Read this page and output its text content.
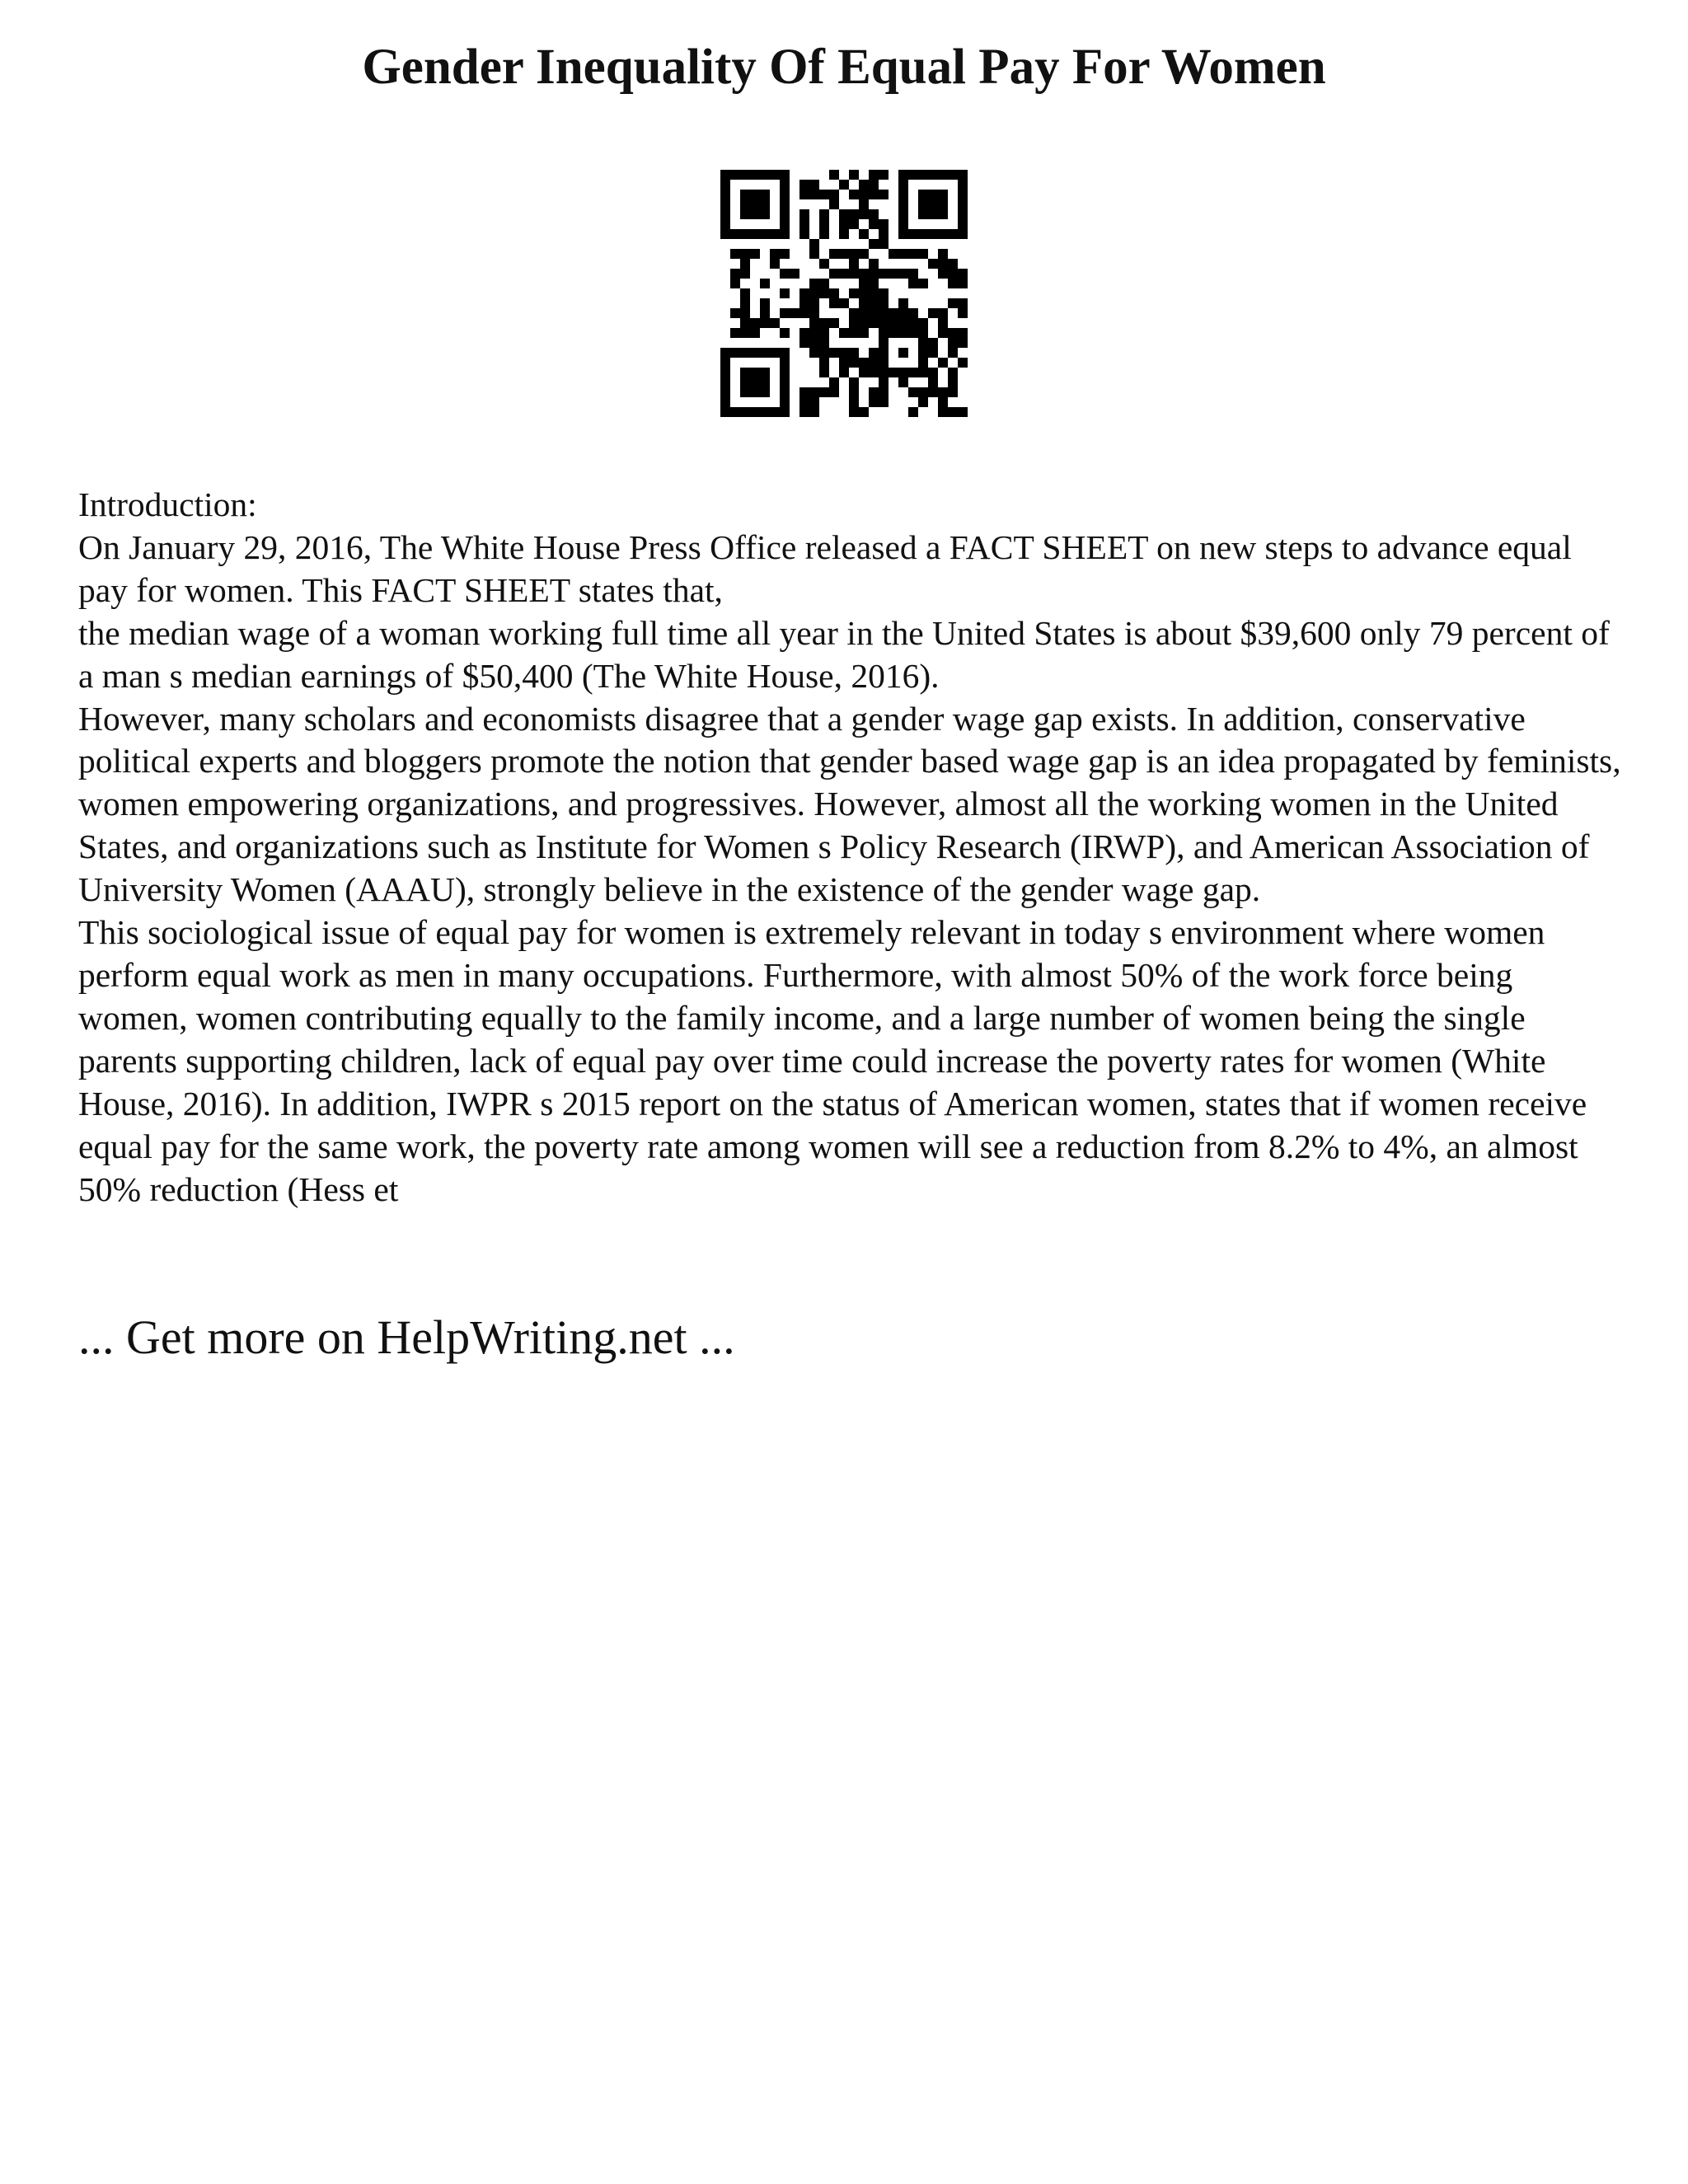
Gender Inequality Of Equal Pay For Women

Introduction:

On January 29, 2016, The White House Press Office released a FACT SHEET on new steps to advance equal pay for women. This FACT SHEET states that,

the median wage of a woman working full time all year in the United States is about $39,600 only 79 percent of a man s median earnings of $50,400 (The White House, 2016).

However, many scholars and economists disagree that a gender wage gap exists. In addition, conservative political experts and bloggers promote the notion that gender based wage gap is an idea propagated by feminists, women empowering organizations, and progressives. However, almost all the working women in the United States, and organizations such as Institute for Women s Policy Research (IRWP), and American Association of University Women (AAAU), strongly believe in the existence of the gender wage gap.

This sociological issue of equal pay for women is extremely relevant in today s environment where women perform equal work as men in many occupations. Furthermore, with almost 50% of the work force being women, women contributing equally to the family income, and a large number of women being the single parents supporting children, lack of equal pay over time could increase the poverty rates for women (White House, 2016). In addition, IWPR s 2015 report on the status of American women, states that if women receive equal pay for the same work, the poverty rate among women will see a reduction from 8.2% to 4%, an almost 50% reduction (Hess et

... Get more on HelpWriting.net ...
